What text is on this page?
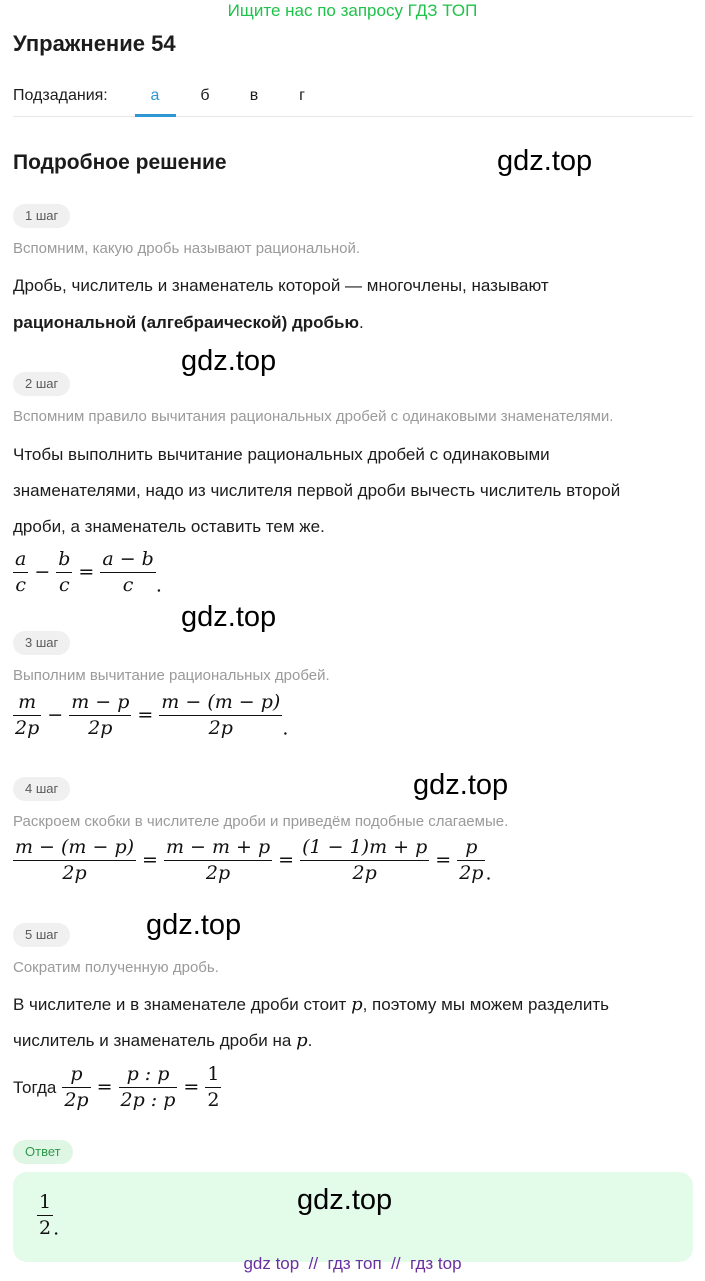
Ищите нас по запросу ГДЗ ТОП
Упражнение 54
Подзадания:	а	б	в	г
Подробное решение	gdz.top
1 шаг
Вспомним, какую дробь называют рациональной.
Дробь, числитель и знаменатель которой — многочлены, называют
рациональной (алгебраической) дробью.
gdz.top
2 шаг
Вспомним правило вычитания рациональных дробей с одинаковыми знаменателями.
Чтобы выполнить вычитание рациональных дробей с одинаковыми
знаменателями, надо из числителя первой дроби вычесть числитель второй
дроби, а знаменатель оставить тем же.
$\frac{a}{c} - \frac{b}{c} = \frac{a - b}{c}$ .
gdz.top
3 шаг
Выполним вычитание рациональных дробей.
$\frac{m}{2p} - \frac{m - p}{2p} = \frac{m - (m - p)}{2p}$ .
gdz.top
4 шаг
Раскроем скобки в числителе дроби и приведём подобные слагаемые.
$\frac{m - (m - p)}{2p} = \frac{m - m + p}{2p} = \frac{(1 - 1)m + p}{2p} = \frac{p}{2p}$ .
5 шаг	gdz.top
Сократим полученную дробь.
В числителе и в знаменателе дроби стоит p, поэтому мы можем разделить
числитель и знаменатель дроби на p.
Тогда $\frac{p}{2p} = \frac{p : p}{2p : p} = \frac{1}{2}$
Ответ
$\frac{1}{2}$ .
gdz.top
gdz top  //  гдз топ  //  гдз top
